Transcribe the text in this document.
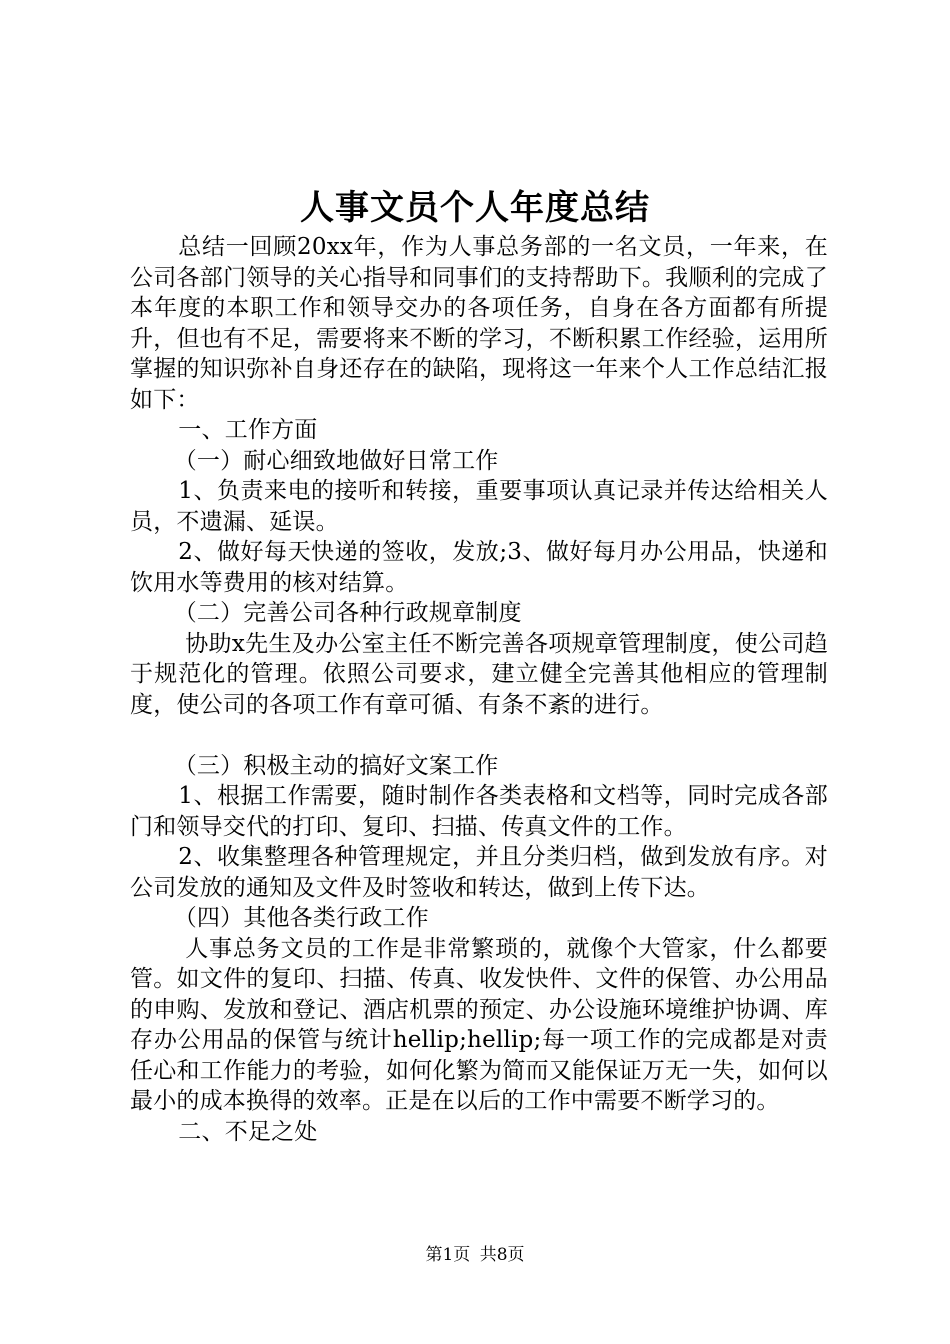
人事文员个人年度总结

总结一回顾20xx年，作为人事总务部的一名文员，一年来，在公司各部门领导的关心指导和同事们的支持帮助下。我顺利的完成了本年度的本职工作和领导交办的各项任务，自身在各方面都有所提升，但也有不足，需要将来不断的学习，不断积累工作经验，运用所掌握的知识弥补自身还存在的缺陷，现将这一年来个人工作总结汇报如下：

一、工作方面

（一）耐心细致地做好日常工作

1、负责来电的接听和转接，重要事项认真记录并传达给相关人员，不遗漏、延误。

2、做好每天快递的签收，发放;3、做好每月办公用品，快递和饮用水等费用的核对结算。

（二）完善公司各种行政规章制度

协助x先生及办公室主任不断完善各项规章管理制度，使公司趋于规范化的管理。依照公司要求，建立健全完善其他相应的管理制度，使公司的各项工作有章可循、有条不紊的进行。

（三）积极主动的搞好文案工作

1、根据工作需要，随时制作各类表格和文档等，同时完成各部门和领导交代的打印、复印、扫描、传真文件的工作。

2、收集整理各种管理规定，并且分类归档，做到发放有序。对公司发放的通知及文件及时签收和转达，做到上传下达。

（四）其他各类行政工作

人事总务文员的工作是非常繁琐的，就像个大管家，什么都要管。如文件的复印、扫描、传真、收发快件、文件的保管、办公用品的申购、发放和登记、酒店机票的预定、办公设施环境维护协调、库存办公用品的保管与统计hellip;hellip;每一项工作的完成都是对责任心和工作能力的考验，如何化繁为简而又能保证万无一失，如何以最小的成本换得的效率。正是在以后的工作中需要不断学习的。

二、不足之处

第1页 共8页
